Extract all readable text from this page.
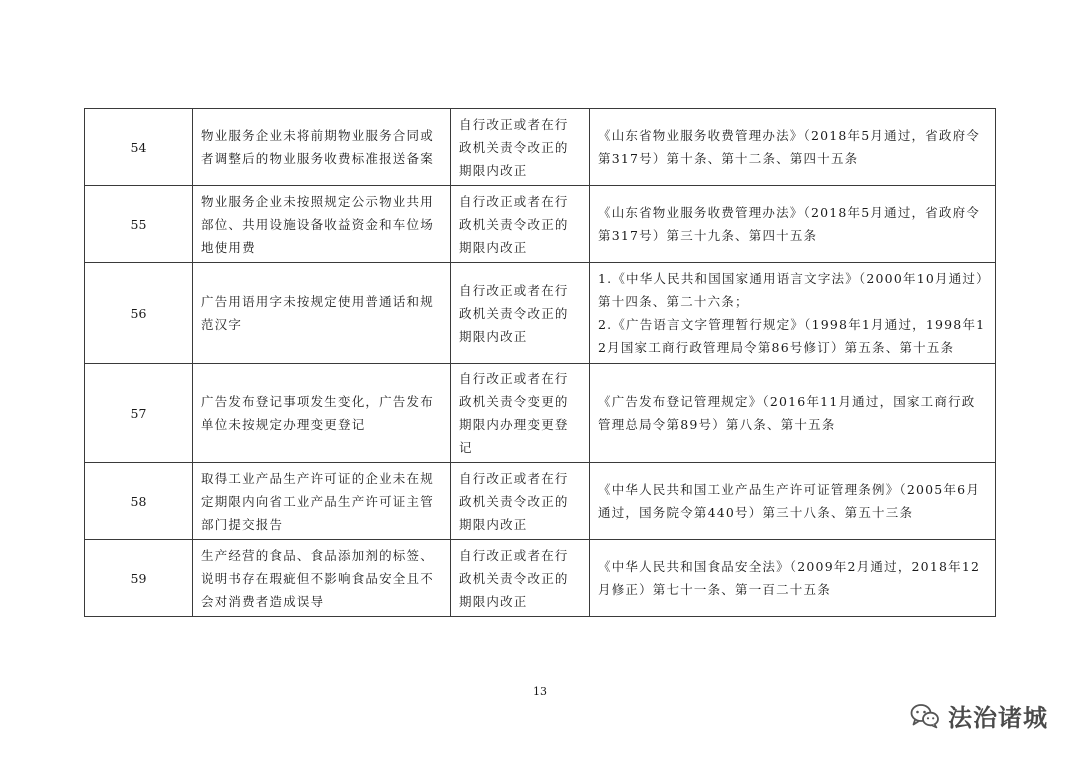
54	物业服务企业未将前期物业服务合同或者调整后的物业服务收费标准报送备案	自行改正或者在行政机关责令改正的期限内改正	《山东省物业服务收费管理办法》（2018年5月通过，省政府令第317号）第十条、第十二条、第四十五条

55	物业服务企业未按照规定公示物业共用部位、共用设施设备收益资金和车位场地使用费	自行改正或者在行政机关责令改正的期限内改正	《山东省物业服务收费管理办法》（2018年5月通过，省政府令第317号）第三十九条、第四十五条

56	广告用语用字未按规定使用普通话和规范汉字	自行改正或者在行政机关责令改正的期限内改正	1.《中华人民共和国国家通用语言文字法》（2000年10月通过）第十四条、第二十六条；
2.《广告语言文字管理暂行规定》（1998年1月通过，1998年12月国家工商行政管理局令第86号修订）第五条、第十五条

57	广告发布登记事项发生变化，广告发布单位未按规定办理变更登记	自行改正或者在行政机关责令变更的期限内办理变更登记	《广告发布登记管理规定》（2016年11月通过，国家工商行政管理总局令第89号）第八条、第十五条

58	取得工业产品生产许可证的企业未在规定期限内向省工业产品生产许可证主管部门提交报告	自行改正或者在行政机关责令改正的期限内改正	《中华人民共和国工业产品生产许可证管理条例》（2005年6月通过，国务院令第440号）第三十八条、第五十三条

59	生产经营的食品、食品添加剂的标签、说明书存在瑕疵但不影响食品安全且不会对消费者造成误导	自行改正或者在行政机关责令改正的期限内改正	《中华人民共和国食品安全法》（2009年2月通过，2018年12月修正）第七十一条、第一百二十五条
13
法治诸城
